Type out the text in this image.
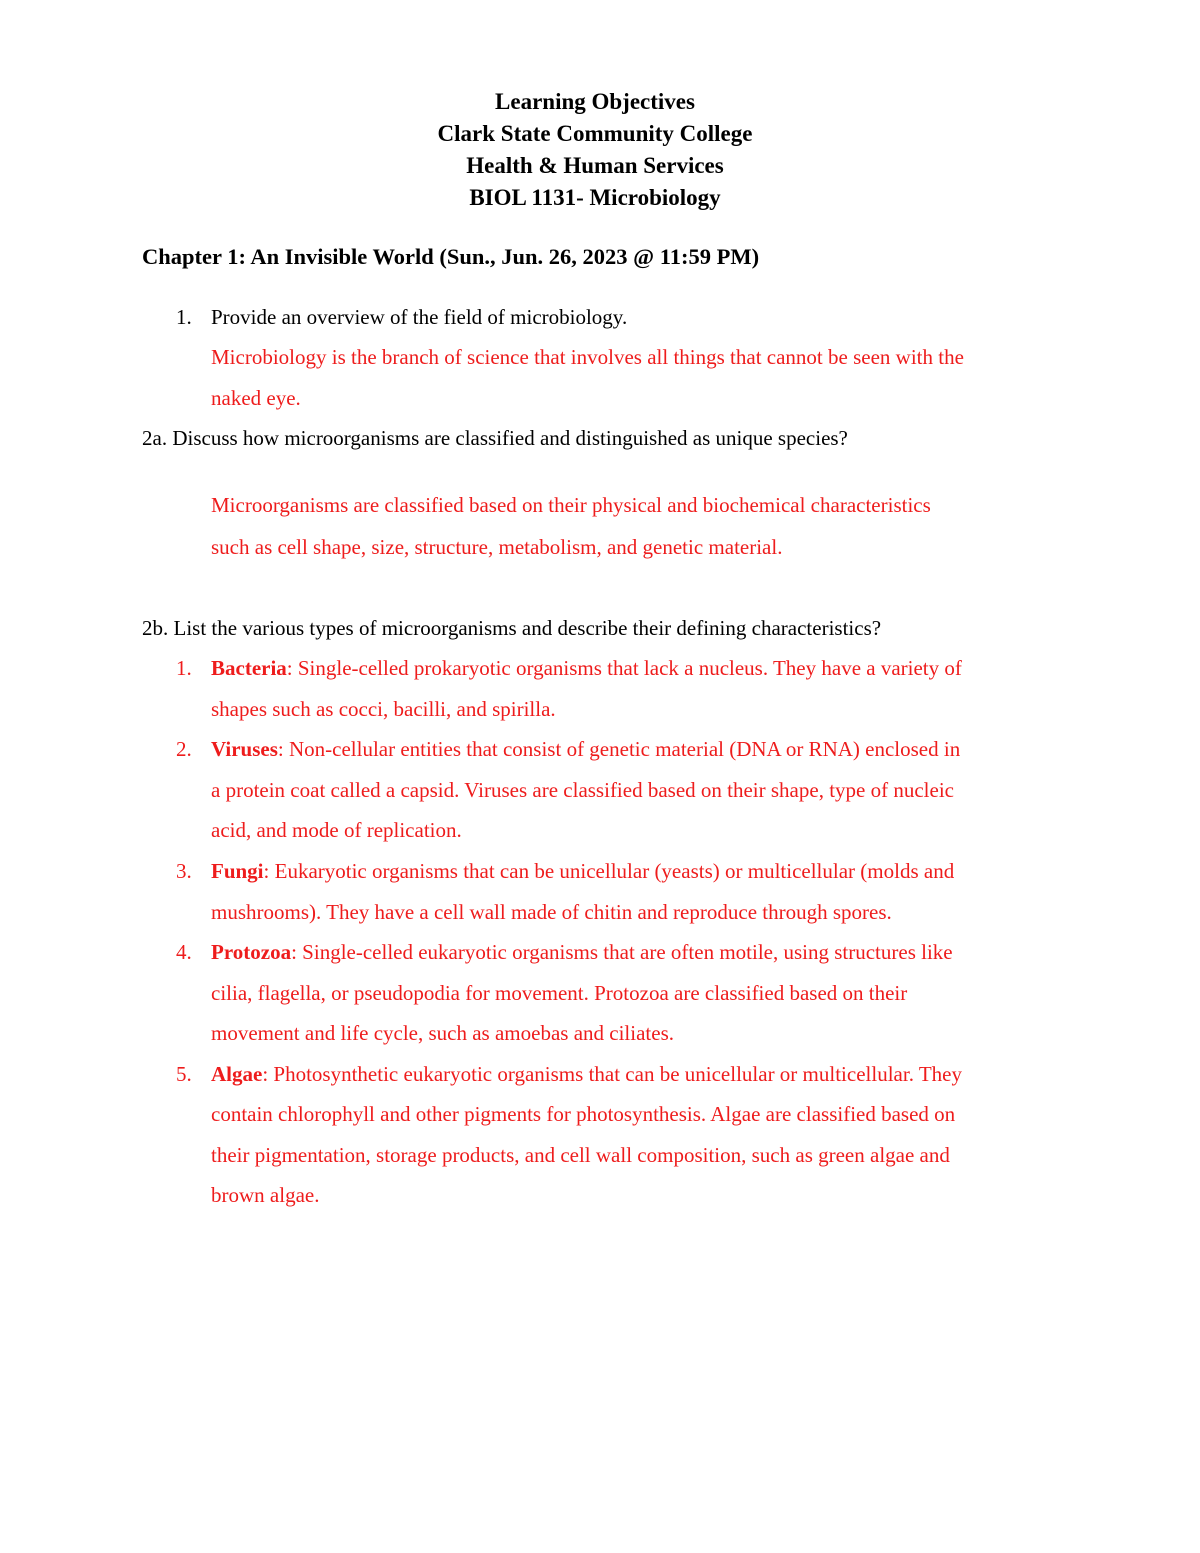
Learning Objectives
Clark State Community College
Health & Human Services
BIOL 1131- Microbiology
Chapter 1: An Invisible World (Sun., Jun. 26, 2023 @ 11:59 PM)
1. Provide an overview of the field of microbiology.
Microbiology is the branch of science that involves all things that cannot be seen with the
naked eye.
2a. Discuss how microorganisms are classified and distinguished as unique species?
Microorganisms are classified based on their physical and biochemical characteristics
such as cell shape, size, structure, metabolism, and genetic material.
2b. List the various types of microorganisms and describe their defining characteristics?
1. Bacteria: Single-celled prokaryotic organisms that lack a nucleus. They have a variety of
shapes such as cocci, bacilli, and spirilla.
2. Viruses: Non-cellular entities that consist of genetic material (DNA or RNA) enclosed in
a protein coat called a capsid. Viruses are classified based on their shape, type of nucleic
acid, and mode of replication.
3. Fungi: Eukaryotic organisms that can be unicellular (yeasts) or multicellular (molds and
mushrooms). They have a cell wall made of chitin and reproduce through spores.
4. Protozoa: Single-celled eukaryotic organisms that are often motile, using structures like
cilia, flagella, or pseudopodia for movement. Protozoa are classified based on their
movement and life cycle, such as amoebas and ciliates.
5. Algae: Photosynthetic eukaryotic organisms that can be unicellular or multicellular. They
contain chlorophyll and other pigments for photosynthesis. Algae are classified based on
their pigmentation, storage products, and cell wall composition, such as green algae and
brown algae.
